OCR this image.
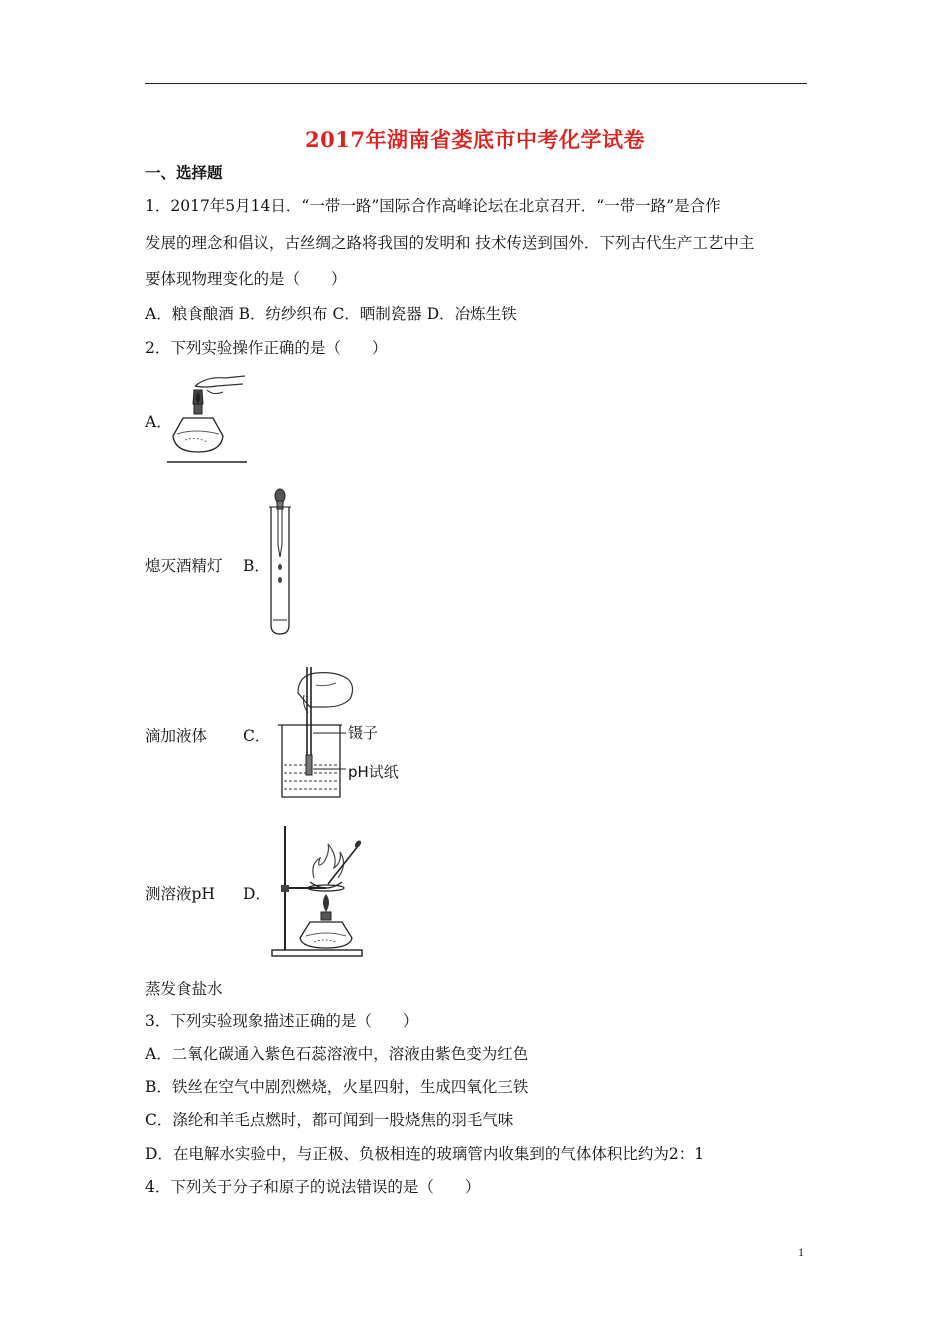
2017年湖南省娄底市中考化学试卷
一、选择题
1．2017年5月14日．“一带一路”国际合作高峰论坛在北京召开．“一带一路”是合作
发展的理念和倡议，古丝绸之路将我国的发明和 技术传送到国外．下列古代生产工艺中主
要体现物理变化的是（　　）
A．粮食酿酒 B．纺纱织布 C．晒制瓷器 D．冶炼生铁
2．下列实验操作正确的是（　　）
A．
熄灭酒精灯 B．
滴加液体 C．	镊子
pH试纸
测溶液pH D．
蒸发食盐水
3．下列实验现象描述正确的是（　　）
A．二氧化碳通入紫色石蕊溶液中，溶液由紫色变为红色
B．铁丝在空气中剧烈燃烧，火星四射，生成四氧化三铁
C．涤纶和羊毛点燃时，都可闻到一股烧焦的羽毛气味
D．在电解水实验中，与正极、负极相连的玻璃管内收集到的气体体积比约为2：1
4．下列关于分子和原子的说法错误的是（　　）
1
